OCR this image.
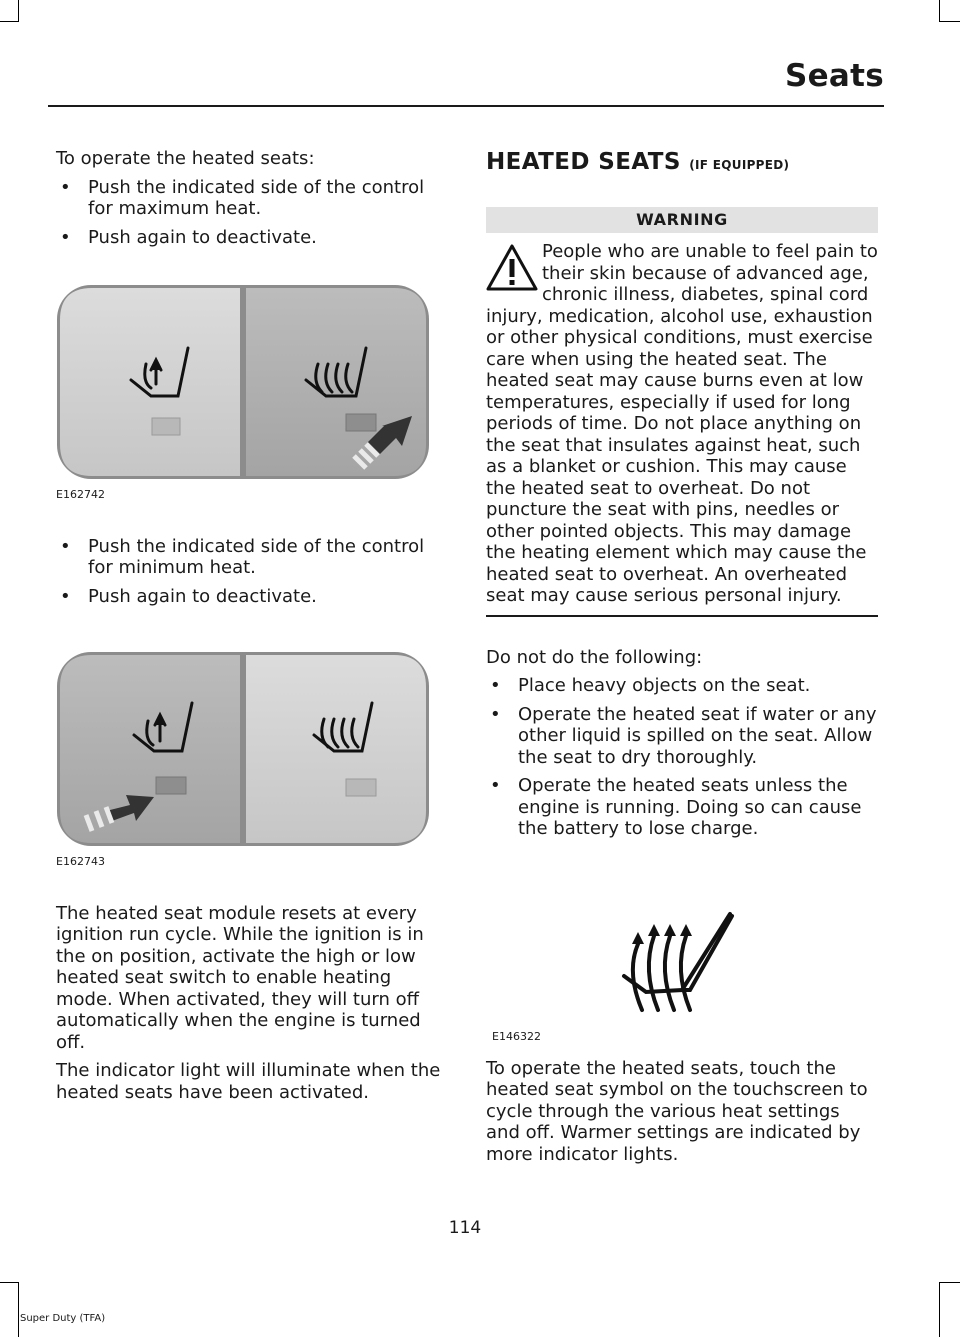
Seats

To operate the heated seats:

• Push the indicated side of the control for maximum heat.
• Push again to deactivate.
E162742
• Push the indicated side of the control for minimum heat.
• Push again to deactivate.
E162743

The heated seat module resets at every ignition run cycle. While the ignition is in the on position, activate the high or low heated seat switch to enable heating mode. When activated, they will turn off automatically when the engine is turned off.

The indicator light will illuminate when the heated seats have been activated.

HEATED SEATS (IF EQUIPPED)
WARNING

People who are unable to feel pain to their skin because of advanced age, chronic illness, diabetes, spinal cord injury, medication, alcohol use, exhaustion or other physical conditions, must exercise care when using the heated seat. The heated seat may cause burns even at low temperatures, especially if used for long periods of time. Do not place anything on the seat that insulates against heat, such as a blanket or cushion. This may cause the heated seat to overheat. Do not puncture the seat with pins, needles or other pointed objects. This may damage the heating element which may cause the heated seat to overheat. An overheated seat may cause serious personal injury.

Do not do the following:

• Place heavy objects on the seat.
• Operate the heated seat if water or any other liquid is spilled on the seat. Allow the seat to dry thoroughly.
• Operate the heated seats unless the engine is running. Doing so can cause the battery to lose charge.
E146322

To operate the heated seats, touch the heated seat symbol on the touchscreen to cycle through the various heat settings and off. Warmer settings are indicated by more indicator lights.

114
Super Duty (TFA)
